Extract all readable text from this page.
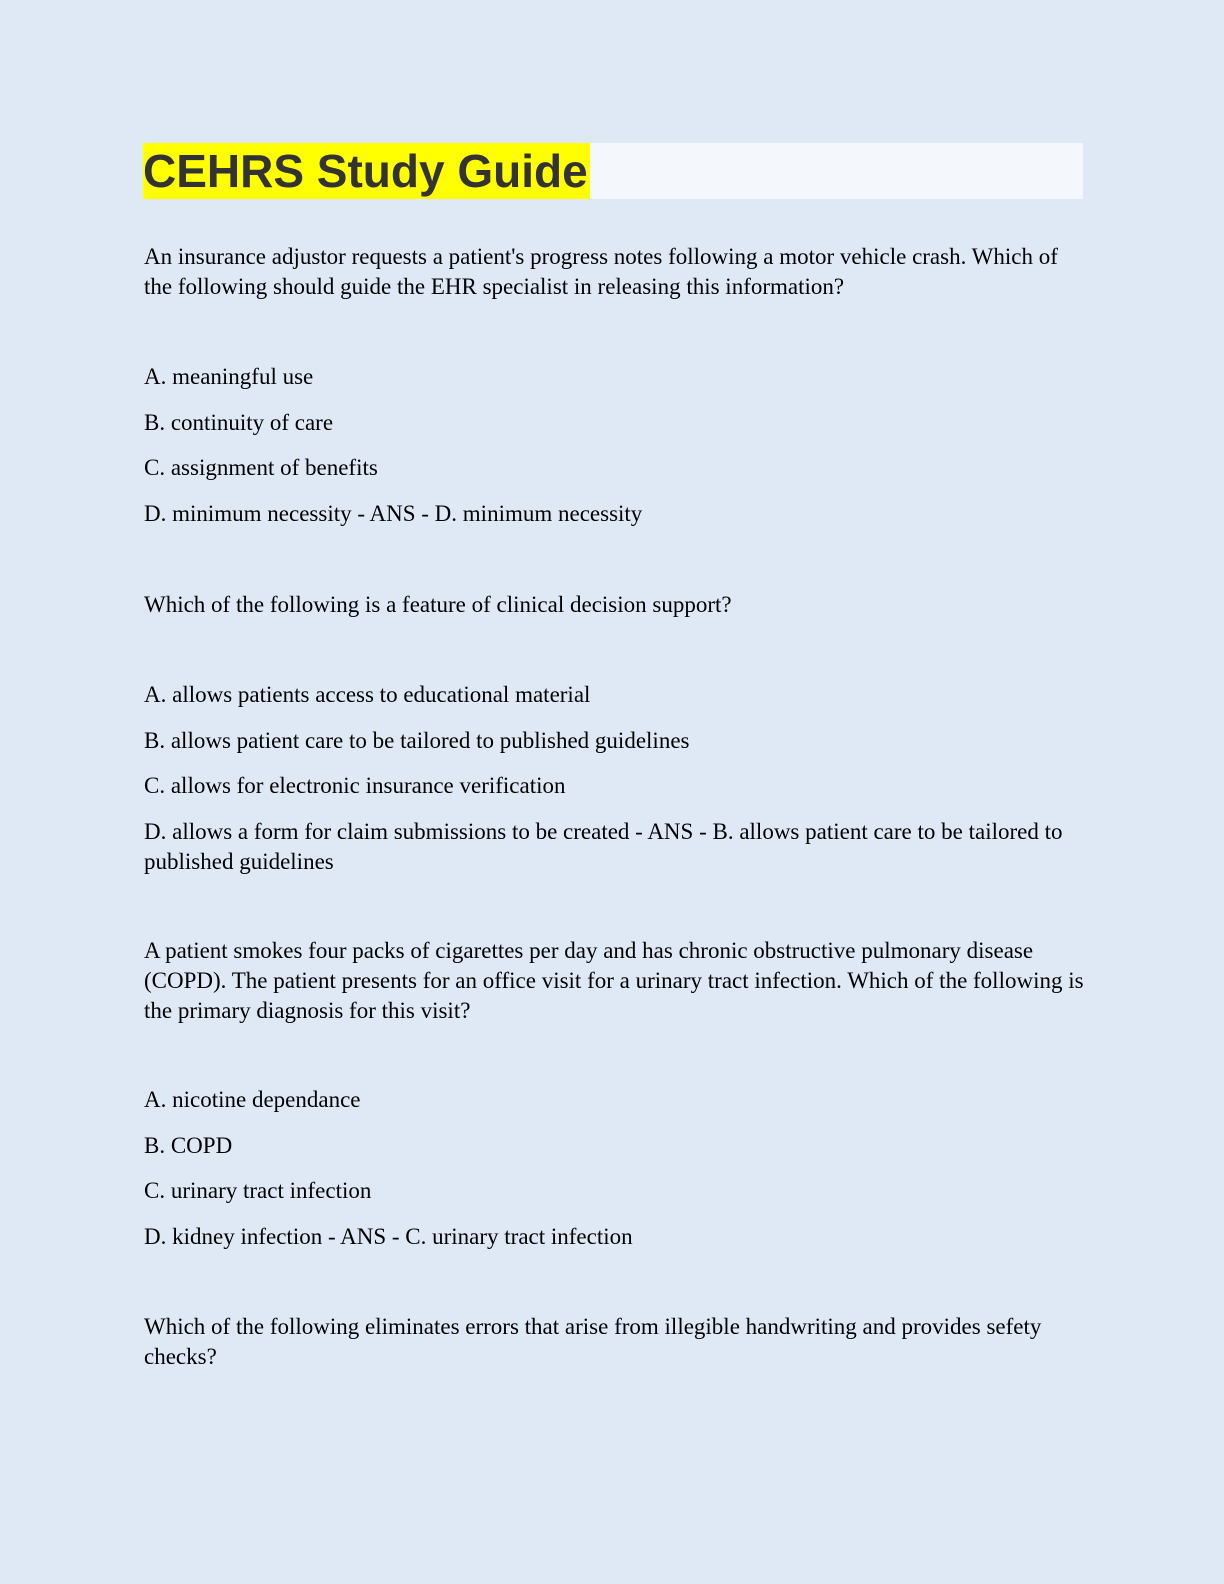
CEHRS Study Guide

An insurance adjustor requests a patient's progress notes following a motor vehicle crash. Which of the following should guide the EHR specialist in releasing this information?

A. meaningful use

B. continuity of care

C. assignment of benefits

D. minimum necessity - ANS - D. minimum necessity

Which of the following is a feature of clinical decision support?

A. allows patients access to educational material

B. allows patient care to be tailored to published guidelines

C. allows for electronic insurance verification

D. allows a form for claim submissions to be created - ANS - B. allows patient care to be tailored to published guidelines

A patient smokes four packs of cigarettes per day and has chronic obstructive pulmonary disease (COPD). The patient presents for an office visit for a urinary tract infection. Which of the following is the primary diagnosis for this visit?

A. nicotine dependance

B. COPD

C. urinary tract infection

D. kidney infection - ANS - C. urinary tract infection

Which of the following eliminates errors that arise from illegible handwriting and provides sefety checks?
